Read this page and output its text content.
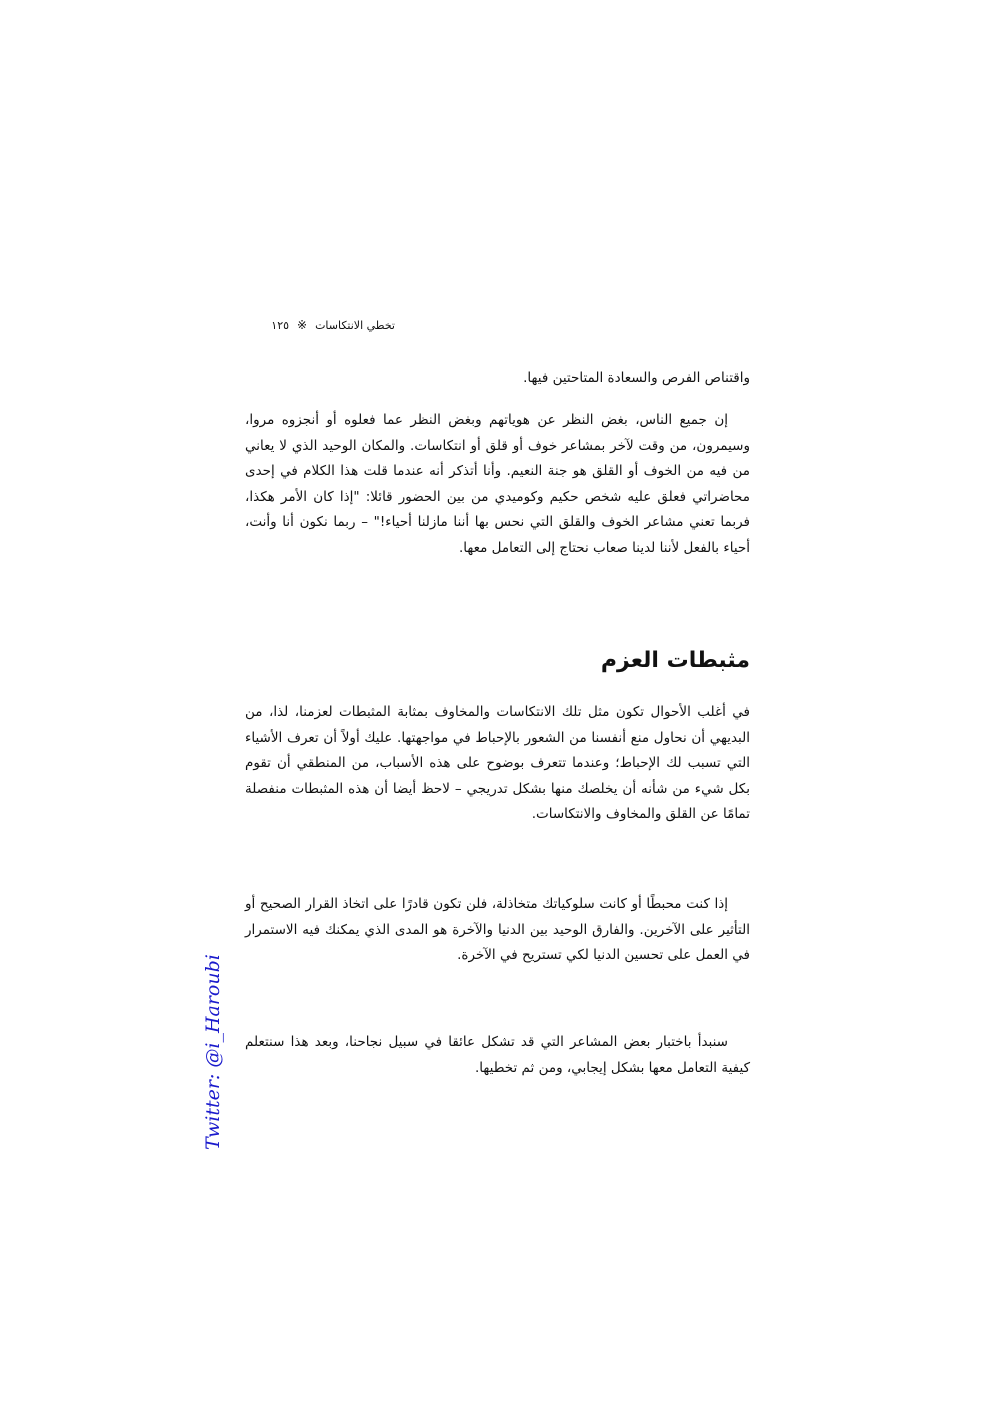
تخطي الانتكاسات
※
١٢٥

واقتناص الفرص والسعادة المتاحتين فيها.

إن جميع الناس، بغض النظر عن هوياتهم وبغض النظر عما فعلوه أو أنجزوه مروا، وسيمرون، من وقت لآخر بمشاعر خوف أو قلق أو انتكاسات. والمكان الوحيد الذي لا يعاني من فيه من الخوف أو القلق هو جنة النعيم. وأنا أتذكر أنه عندما قلت هذا الكلام في إحدى محاضراتي فعلق عليه شخص حكيم وكوميدي من بين الحضور قائلا: "إذا كان الأمر هكذا، فربما تعني مشاعر الخوف والقلق التي نحس بها أننا مازلنا أحياء!" – ربما نكون أنا وأنت، أحياء بالفعل لأننا لدينا صعاب نحتاج إلى التعامل معها.

مثبطات العزم

في أغلب الأحوال تكون مثل تلك الانتكاسات والمخاوف بمثابة المثبطات لعزمنا، لذا، من البديهي أن نحاول منع أنفسنا من الشعور بالإحباط في مواجهتها. عليك أولاً أن تعرف الأشياء التي تسبب لك الإحباط؛ وعندما تتعرف بوضوح على هذه الأسباب، من المنطقي أن تقوم بكل شيء من شأنه أن يخلصك منها بشكل تدريجي – لاحظ أيضا أن هذه المثبطات منفصلة تمامًا عن القلق والمخاوف والانتكاسات.

إذا كنت محبطًا أو كانت سلوكياتك متخاذلة، فلن تكون قادرًا على اتخاذ القرار الصحيح أو التأثير على الآخرين. والفارق الوحيد بين الدنيا والآخرة هو المدى الذي يمكنك فيه الاستمرار في العمل على تحسين الدنيا لكي تستريح في الآخرة.

سنبدأ باختبار بعض المشاعر التي قد تشكل عائقا في سبيل نجاحنا، وبعد هذا سنتعلم كيفية التعامل معها بشكل إيجابي، ومن ثم تخطيها.

Twitter: @i_Haroubi
